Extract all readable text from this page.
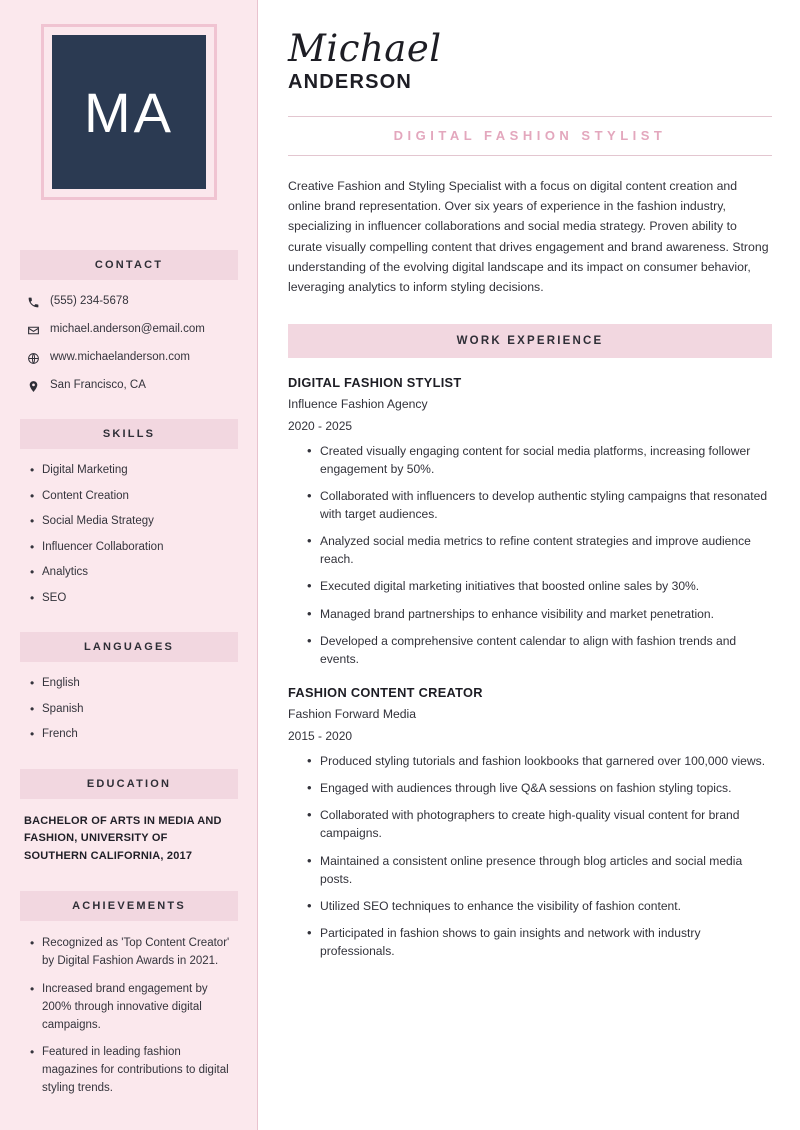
MA
CONTACT
(555) 234-5678
michael.anderson@email.com
www.michaelanderson.com
San Francisco, CA
SKILLS
• Digital Marketing
• Content Creation
• Social Media Strategy
• Influencer Collaboration
• Analytics
• SEO
LANGUAGES
• English
• Spanish
• French
EDUCATION
BACHELOR OF ARTS IN MEDIA AND FASHION, UNIVERSITY OF SOUTHERN CALIFORNIA, 2017
ACHIEVEMENTS
• Recognized as 'Top Content Creator' by Digital Fashion Awards in 2021.
• Increased brand engagement by 200% through innovative digital campaigns.
• Featured in leading fashion magazines for contributions to digital styling trends.
Michael
ANDERSON
DIGITAL FASHION STYLIST

Creative Fashion and Styling Specialist with a focus on digital content creation and online brand representation. Over six years of experience in the fashion industry, specializing in influencer collaborations and social media strategy. Proven ability to curate visually compelling content that drives engagement and brand awareness. Strong understanding of the evolving digital landscape and its impact on consumer behavior, leveraging analytics to inform styling decisions.

WORK EXPERIENCE
DIGITAL FASHION STYLIST
Influence Fashion Agency
2020 - 2025
• Created visually engaging content for social media platforms, increasing follower engagement by 50%.
• Collaborated with influencers to develop authentic styling campaigns that resonated with target audiences.
• Analyzed social media metrics to refine content strategies and improve audience reach.
• Executed digital marketing initiatives that boosted online sales by 30%.
• Managed brand partnerships to enhance visibility and market penetration.
• Developed a comprehensive content calendar to align with fashion trends and events.
FASHION CONTENT CREATOR
Fashion Forward Media
2015 - 2020
• Produced styling tutorials and fashion lookbooks that garnered over 100,000 views.
• Engaged with audiences through live Q&A sessions on fashion styling topics.
• Collaborated with photographers to create high-quality visual content for brand campaigns.
• Maintained a consistent online presence through blog articles and social media posts.
• Utilized SEO techniques to enhance the visibility of fashion content.
• Participated in fashion shows to gain insights and network with industry professionals.
